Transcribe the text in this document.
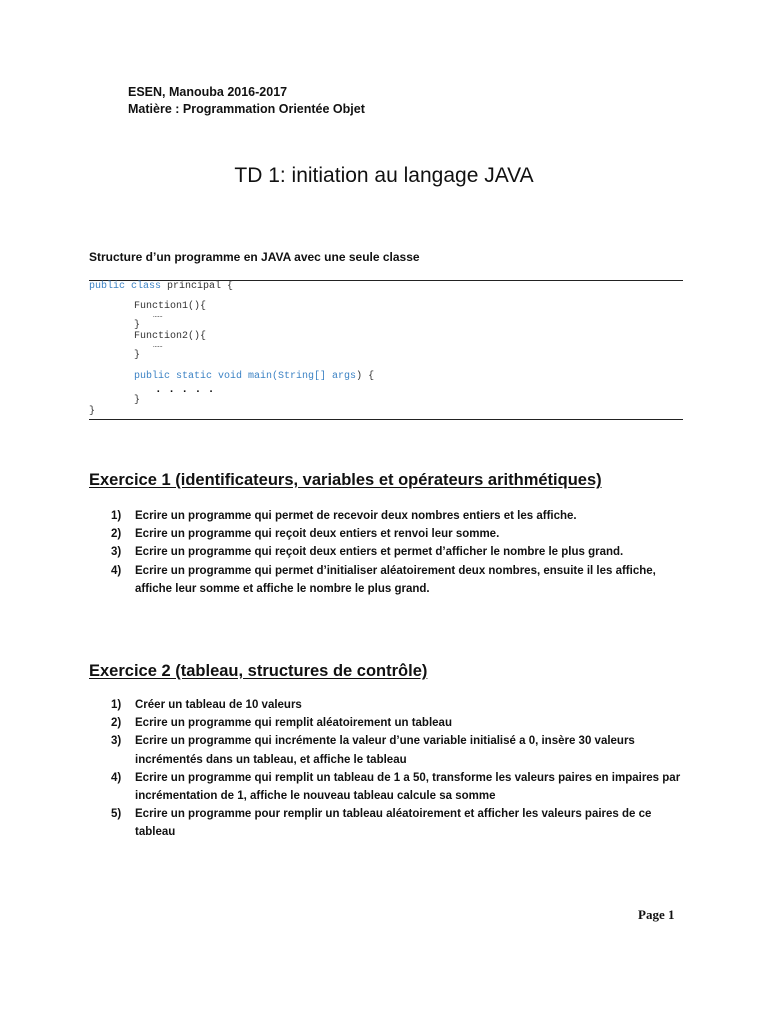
ESEN, Manouba 2016-2017
Matière : Programmation Orientée Objet
TD 1: initiation au langage JAVA
Structure d’un programme en JAVA avec une seule classe
public class principal {
Function1(){
……
}
Function2(){
……
}
public static void main(String[] args) {
. . . . .
}
}
Exercice 1 (identificateurs, variables et opérateurs arithmétiques)
1) Ecrire un programme qui permet de recevoir deux nombres entiers et les affiche.
2) Ecrire un programme qui reçoit deux entiers et renvoi leur somme.
3) Ecrire un programme qui reçoit deux entiers et permet d’afficher le nombre le plus grand.
4) Ecrire un programme qui permet d’initialiser aléatoirement deux nombres, ensuite il les affiche, affiche leur somme et affiche le nombre le plus grand.
Exercice 2 (tableau, structures de contrôle)
1) Créer un tableau de 10 valeurs
2) Ecrire un programme qui remplit aléatoirement un tableau
3) Ecrire un programme qui incrémente la valeur d’une variable initialisé a 0, insère 30 valeurs incrémentés dans un tableau, et affiche le tableau
4) Ecrire un programme qui remplit un tableau de 1 a 50, transforme les valeurs paires en impaires par incrémentation de 1, affiche le nouveau tableau calcule sa somme
5) Ecrire un programme pour remplir un tableau aléatoirement et afficher les valeurs paires de ce tableau
Page 1
